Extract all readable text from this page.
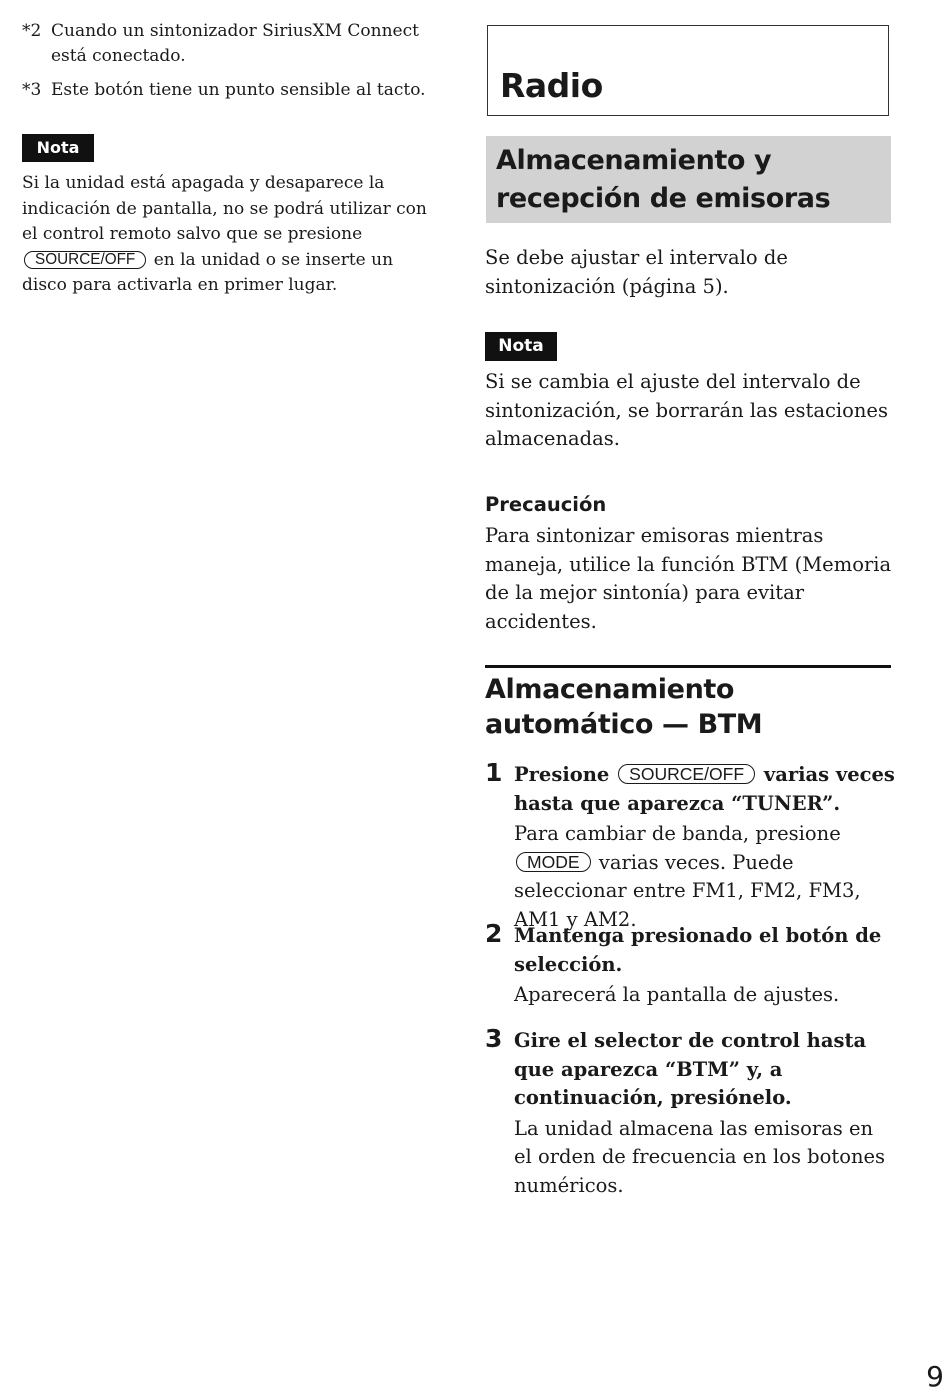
*2 Cuando un sintonizador SiriusXM Connect está conectado.
*3 Este botón tiene un punto sensible al tacto.
Nota
Si la unidad está apagada y desaparece la indicación de pantalla, no se podrá utilizar con el control remoto salvo que se presione SOURCE/OFF en la unidad o se inserte un disco para activarla en primer lugar.
Radio
Almacenamiento y recepción de emisoras
Se debe ajustar el intervalo de sintonización (página 5).
Nota
Si se cambia el ajuste del intervalo de sintonización, se borrarán las estaciones almacenadas.
Precaución
Para sintonizar emisoras mientras maneja, utilice la función BTM (Memoria de la mejor sintonía) para evitar accidentes.
Almacenamiento automático — BTM
1 Presione SOURCE/OFF varias veces hasta que aparezca “TUNER”.
Para cambiar de banda, presione MODE varias veces. Puede seleccionar entre FM1, FM2, FM3, AM1 y AM2.
2 Mantenga presionado el botón de selección.
Aparecerá la pantalla de ajustes.
3 Gire el selector de control hasta que aparezca “BTM” y, a continuación, presiónelo.
La unidad almacena las emisoras en el orden de frecuencia en los botones numéricos.
9
